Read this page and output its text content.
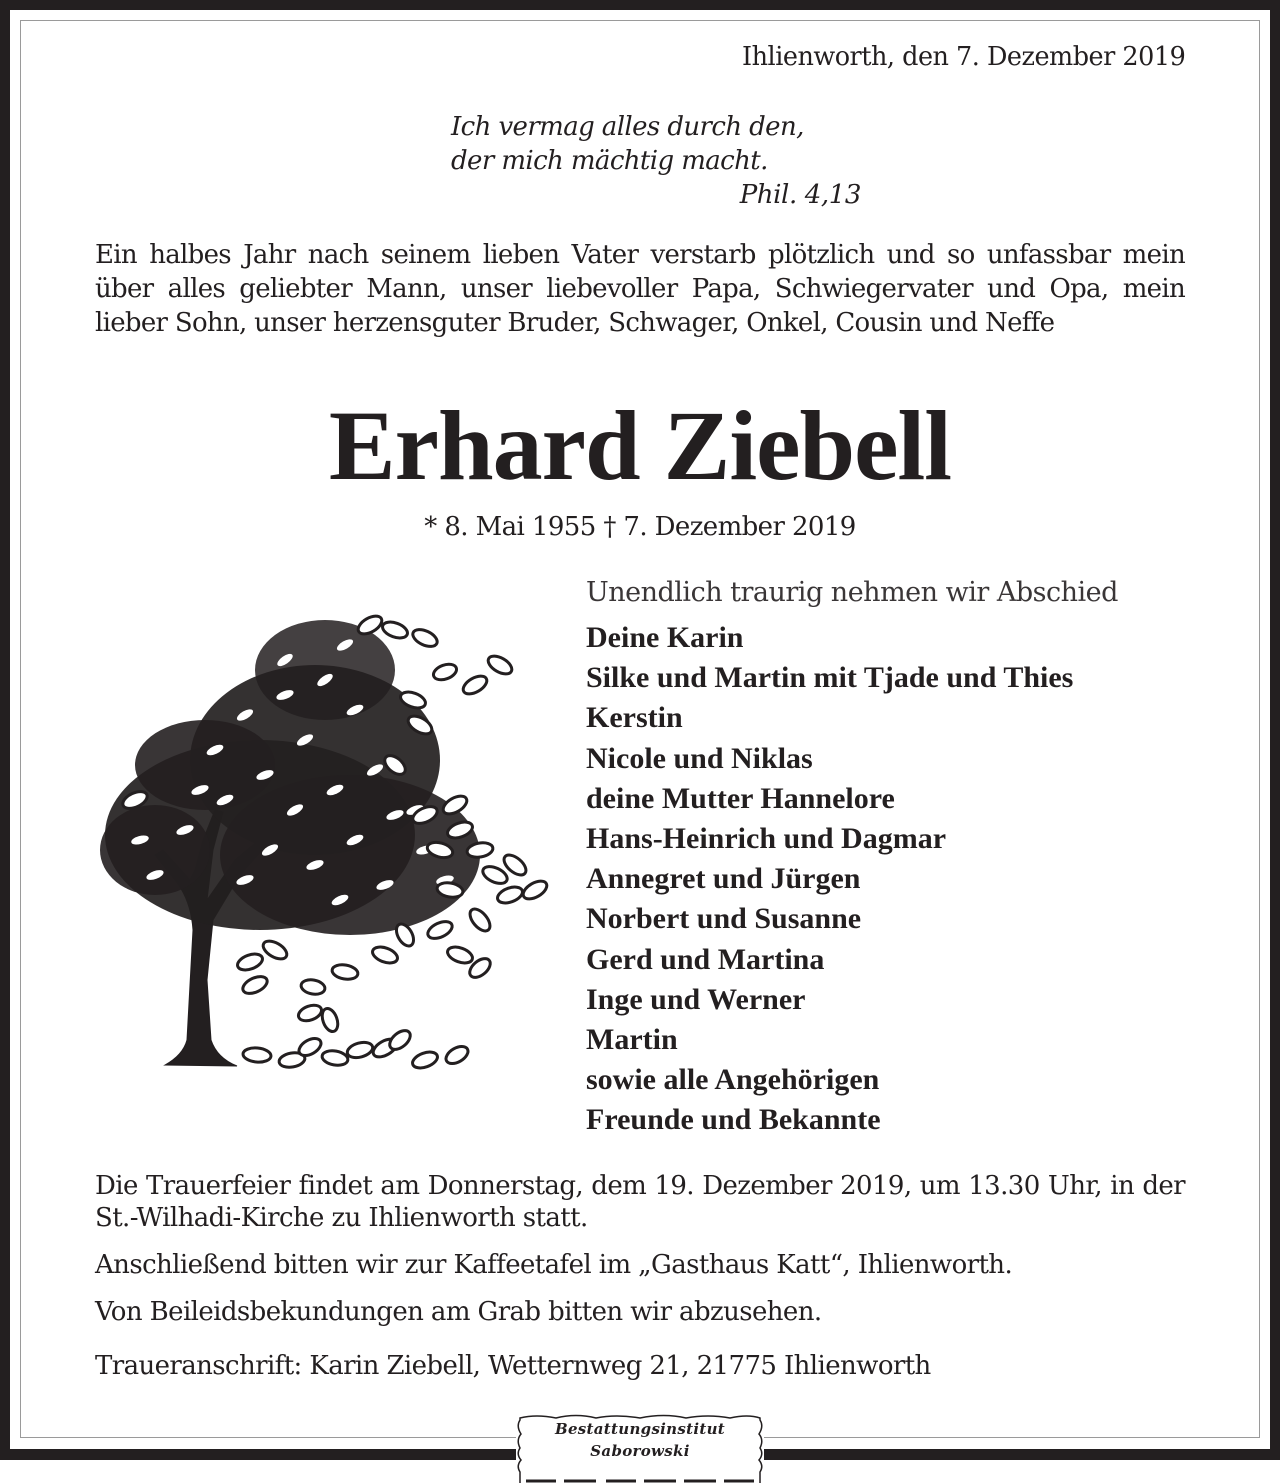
Ihlienworth, den 7. Dezember 2019
Ich vermag alles durch den,
der mich mächtig macht.
Phil. 4,13
Ein halbes Jahr nach seinem lieben Vater verstarb plötzlich und so unfassbar mein über alles geliebter Mann, unser liebevoller Papa, Schwiegervater und Opa, mein lieber Sohn, unser herzensguter Bruder, Schwager, Onkel, Cousin und Neffe
Erhard Ziebell
* 8. Mai 1955 † 7. Dezember 2019
Unendlich traurig nehmen wir Abschied
Deine Karin
Silke und Martin mit Tjade und Thies
Kerstin
Nicole und Niklas
deine Mutter Hannelore
Hans-Heinrich und Dagmar
Annegret und Jürgen
Norbert und Susanne
Gerd und Martina
Inge und Werner
Martin
sowie alle Angehörigen
Freunde und Bekannte
Die Trauerfeier findet am Donnerstag, dem 19. Dezember 2019, um 13.30 Uhr, in der St.-Wilhadi-Kirche zu Ihlienworth statt.
Anschließend bitten wir zur Kaffeetafel im „Gasthaus Katt“, Ihlienworth.
Von Beileidsbekundungen am Grab bitten wir abzusehen.
Traueranschrift: Karin Ziebell, Wetternweg 21, 21775 Ihlienworth
Bestattungsinstitut
Saborowski
